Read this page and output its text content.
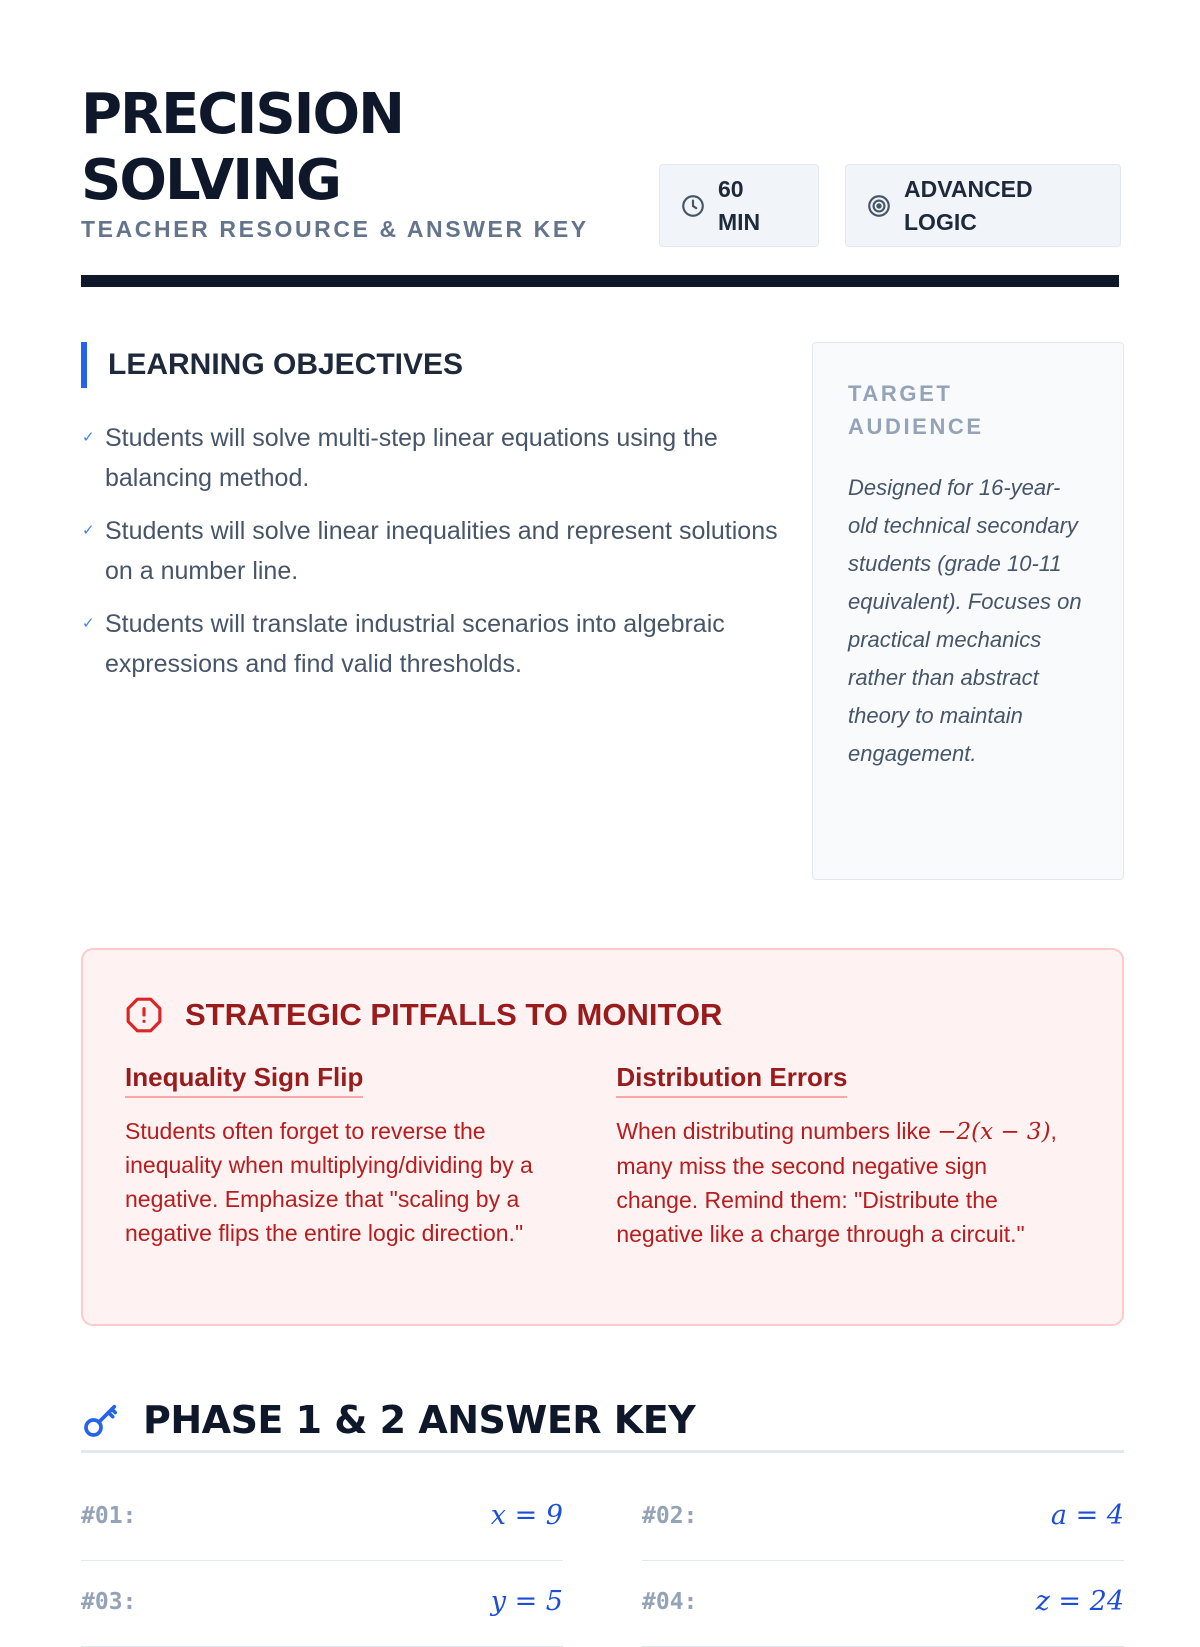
PRECISION
SOLVING
TEACHER RESOURCE & ANSWER KEY
60 MIN
ADVANCED LOGIC
LEARNING OBJECTIVES
✓ Students will solve multi-step linear equations using the balancing method.
✓ Students will solve linear inequalities and represent solutions on a number line.
✓ Students will translate industrial scenarios into algebraic expressions and find valid thresholds.
TARGET AUDIENCE

Designed for 16-year-old technical secondary students (grade 10-11 equivalent). Focuses on practical mechanics rather than abstract theory to maintain engagement.

STRATEGIC PITFALLS TO MONITOR
Inequality Sign Flip

Students often forget to reverse the inequality when multiplying/dividing by a negative. Emphasize that "scaling by a negative flips the entire logic direction."

Distribution Errors

When distributing numbers like −2(x − 3), many miss the second negative sign change. Remind them: "Distribute the negative like a charge through a circuit."

PHASE 1 & 2 ANSWER KEY
#01:	x = 9	#02:	a = 4
#03:	y = 5	#04:	z = 24
